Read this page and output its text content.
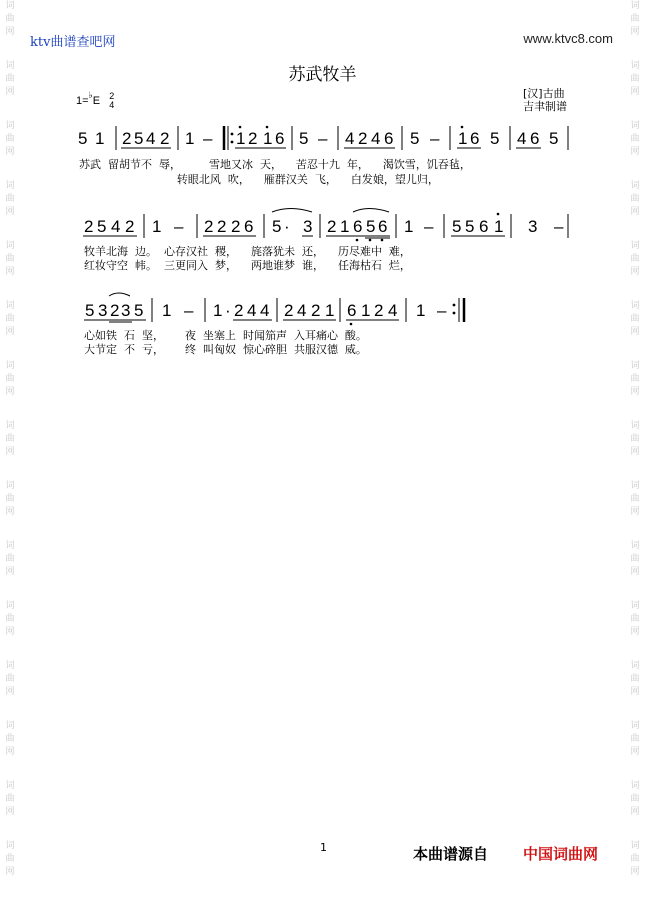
词
曲
网
词
曲
网
词
曲
网
词
曲
网
词
曲
网
词
曲
网
词
曲
网
词
曲
网
词
曲
网
词
曲
网
词
曲
网
词
曲
网
词
曲
网
词
曲
网
词
曲
网
词
曲
网
词
曲
网
词
曲
网
词
曲
网
词
曲
网
词
曲
网
词
曲
网
词
曲
网
词
曲
网
词
曲
网
词
曲
网
词
曲
网
词
曲
网
词
曲
网
词
曲
网
ktv曲谱查吧网	www.ktvc8.com
苏武牧羊
1=♭E 2
4
[汉]古曲
吉聿制谱
5 1 2 5 4 2 1 – 1 2 1 6 5 – 4 2 4 6 5 – 1 6 5 4 6 5
2 5 4 2 1 – 2 2 2 6 5 · 3 2 1 6 5 6 1 – 5 5 6 1 3 –
5 3 2 3 5 1 – 1 · 2 4 4 2 4 2 1 6 1 2 4 1 –
苏武  留胡节不  辱，        雪地又冰  天，    苦忍十九  年，    渴饮雪，饥吞毡，
转眼北风  吹，    雁群汉关  飞，    白发娘，望儿归，
牧羊北海  边。  心存汉社  稷，    旄落犹未  还，    历尽难中  难，
红妆守空  帏。  三更同入  梦，    两地谁梦  谁，    任海枯石  烂，
心如铁  石  坚，      夜  坐塞上  时闻笳声  入耳痛心  酸。
大节定  不  亏，      终  叫匈奴  惊心碎胆  共服汉德  威。
1	本曲谱源自 中国词曲网
